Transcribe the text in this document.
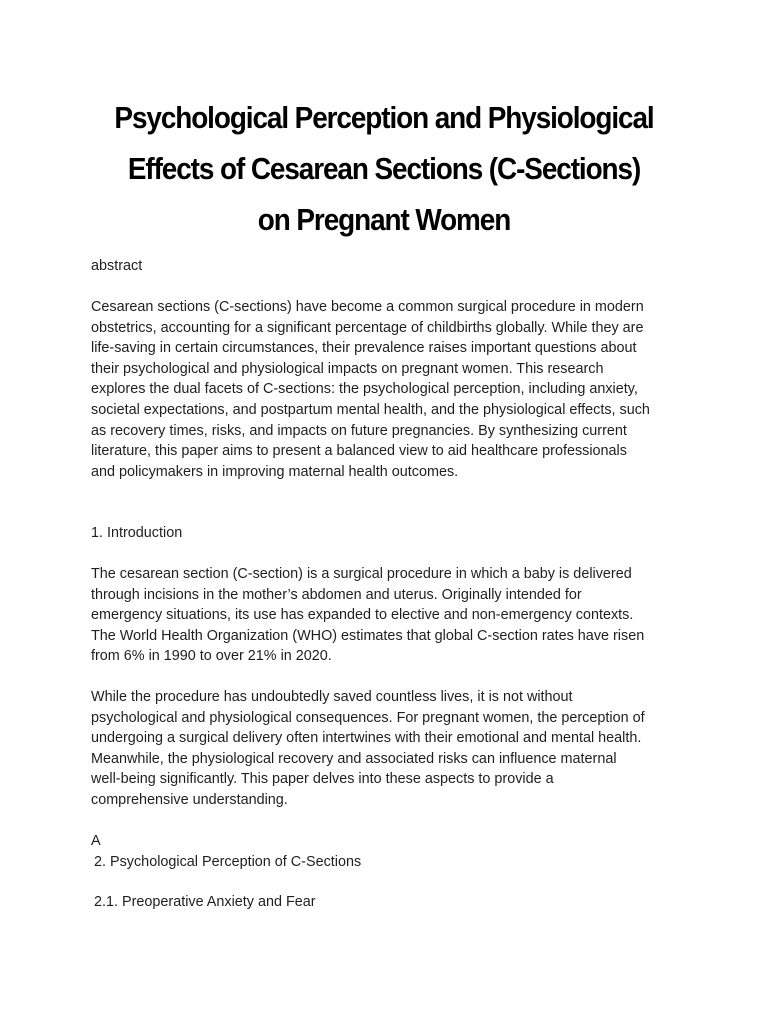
Psychological Perception and Physiological
Effects of Cesarean Sections (C-Sections)
on Pregnant Women

abstract

Cesarean sections (C-sections) have become a common surgical procedure in modern
obstetrics, accounting for a significant percentage of childbirths globally. While they are
life-saving in certain circumstances, their prevalence raises important questions about
their psychological and physiological impacts on pregnant women. This research
explores the dual facets of C-sections: the psychological perception, including anxiety,
societal expectations, and postpartum mental health, and the physiological effects, such
as recovery times, risks, and impacts on future pregnancies. By synthesizing current
literature, this paper aims to present a balanced view to aid healthcare professionals
and policymakers in improving maternal health outcomes.

1. Introduction

The cesarean section (C-section) is a surgical procedure in which a baby is delivered
through incisions in the mother’s abdomen and uterus. Originally intended for
emergency situations, its use has expanded to elective and non-emergency contexts.
The World Health Organization (WHO) estimates that global C-section rates have risen
from 6% in 1990 to over 21% in 2020.

While the procedure has undoubtedly saved countless lives, it is not without
psychological and physiological consequences. For pregnant women, the perception of
undergoing a surgical delivery often intertwines with their emotional and mental health.
Meanwhile, the physiological recovery and associated risks can influence maternal
well-being significantly. This paper delves into these aspects to provide a
comprehensive understanding.

A

2. Psychological Perception of C-Sections

2.1. Preoperative Anxiety and Fear
